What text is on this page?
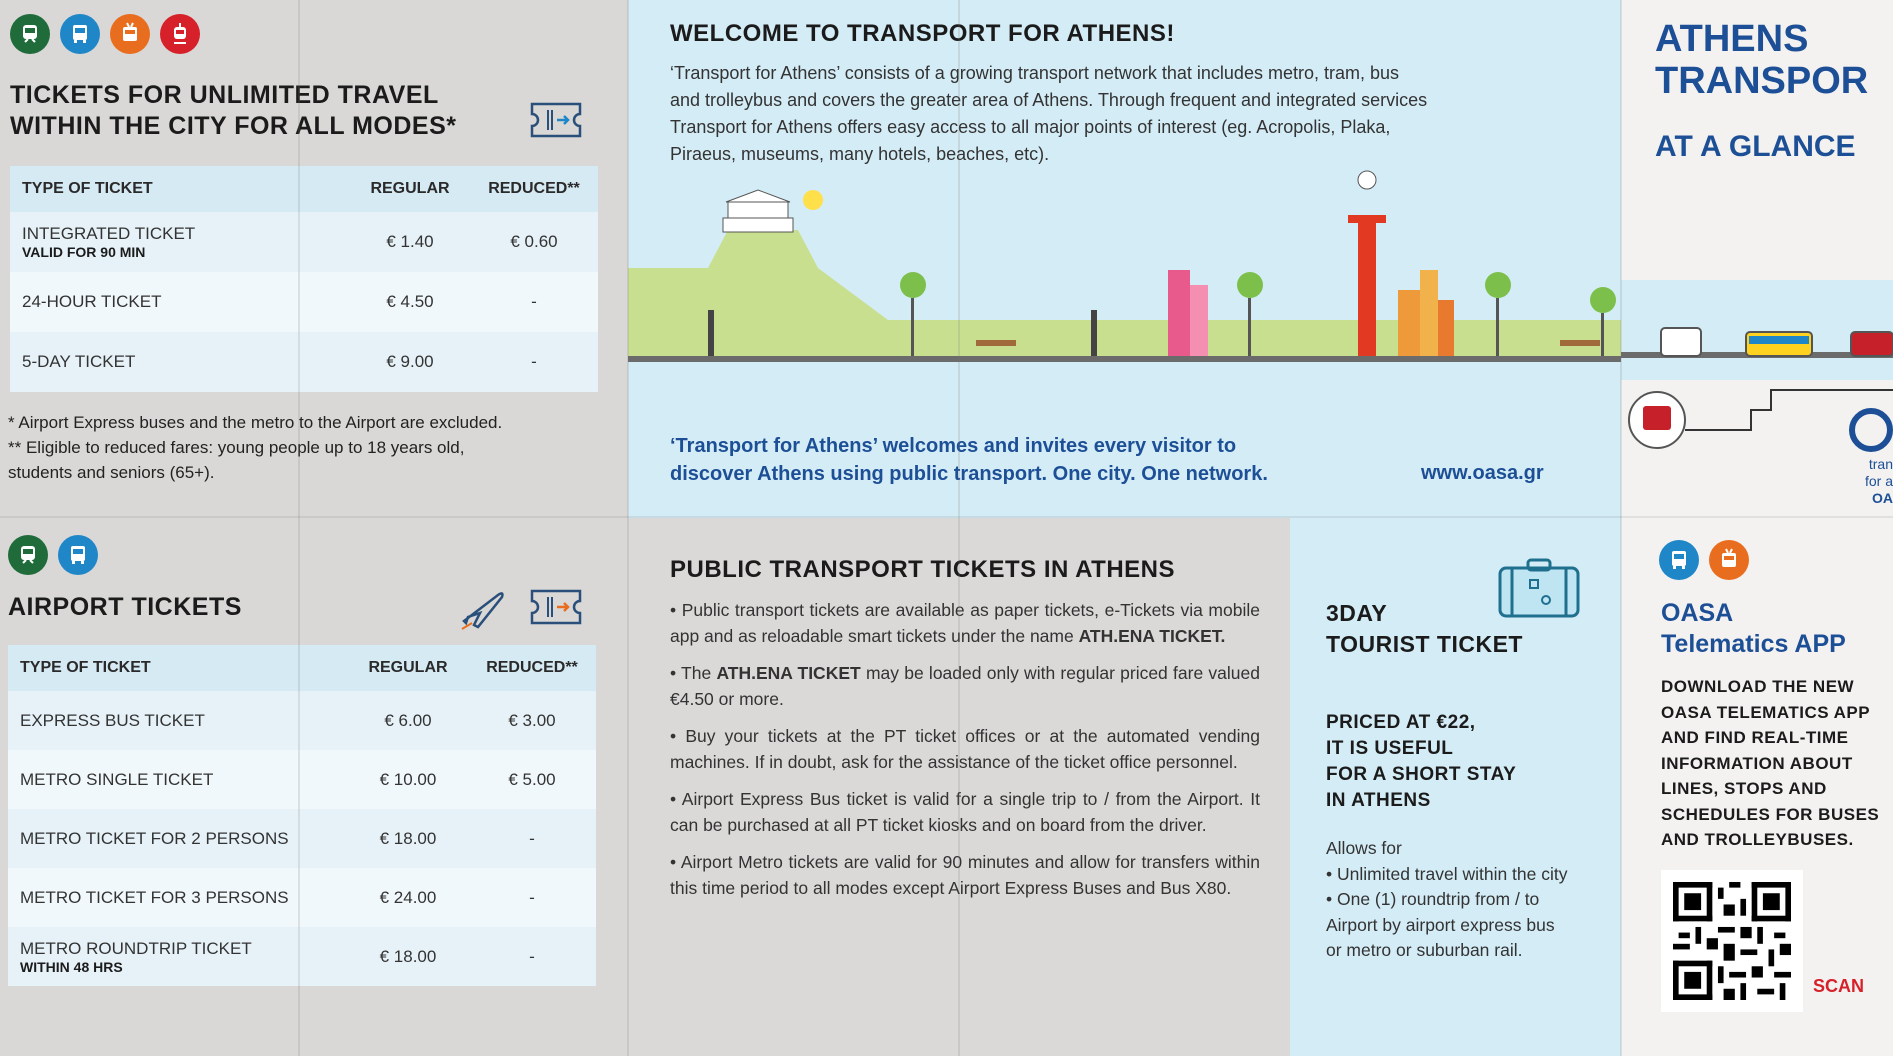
TICKETS FOR UNLIMITED TRAVEL
WITHIN THE CITY FOR ALL MODES*
TYPE OF TICKET	REGULAR	REDUCED**
INTEGRATED TICKET
VALID FOR 90 MIN	€ 1.40	€ 0.60
24-HOUR TICKET	€ 4.50	-
5-DAY TICKET	€ 9.00	-
* Airport Express buses and the metro to the Airport are excluded.
** Eligible to reduced fares: young people up to 18 years old,
students and seniors (65+).
AIRPORT TICKETS
TYPE OF TICKET	REGULAR	REDUCED**
EXPRESS BUS TICKET	€ 6.00	€ 3.00
METRO SINGLE TICKET	€ 10.00	€ 5.00
METRO TICKET FOR 2 PERSONS	€ 18.00	-
METRO TICKET FOR 3 PERSONS	€ 24.00	-
METRO ROUNDTRIP TICKET
WITHIN 48 HRS	€ 18.00	-
WELCOME TO TRANSPORT FOR ATHENS!
‘Transport for Athens’ consists of a growing transport network that includes metro, tram, bus
and trolleybus and covers the greater area of Athens. Through frequent and integrated services
Transport for Athens offers easy access to all major points of interest (eg. Acropolis, Plaka,
Piraeus, museums, many hotels, beaches, etc).
‘Transport for Athens’ welcomes and invites every visitor to
discover Athens using public transport. One city. One network.	www.oasa.gr
PUBLIC TRANSPORT TICKETS IN ATHENS

• Public transport tickets are available as paper tickets, e-Tickets via mobile app and as reloadable smart tickets under the name ATH.ENA TICKET.

• The ATH.ENA TICKET may be loaded only with regular priced fare valued €4.50 or more.

• Buy your tickets at the PT ticket offices or at the automated vending machines. If in doubt, ask for the assistance of the ticket office personnel.

• Airport Express Bus ticket is valid for a single trip to / from the Airport. It can be purchased at all PT ticket kiosks and on board from the driver.

• Airport Metro tickets are valid for 90 minutes and allow for transfers within this time period to all modes except Airport Express Buses and Bus X80.

3DAY
TOURIST TICKET
PRICED AT €22,
IT IS USEFUL
FOR A SHORT STAY
IN ATHENS
Allows for
• Unlimited travel within the city
• One (1) roundtrip from / to
Airport by airport express bus
or metro or suburban rail.
ATHENS
TRANSPOR
AT A GLANCE
tran
for a
OA
OASA
Telematics APP
DOWNLOAD THE NEW
OASA TELEMATICS APP
AND FIND REAL-TIME
INFORMATION ABOUT
LINES, STOPS AND
SCHEDULES FOR BUSES
AND TROLLEYBUSES.
SCAN
